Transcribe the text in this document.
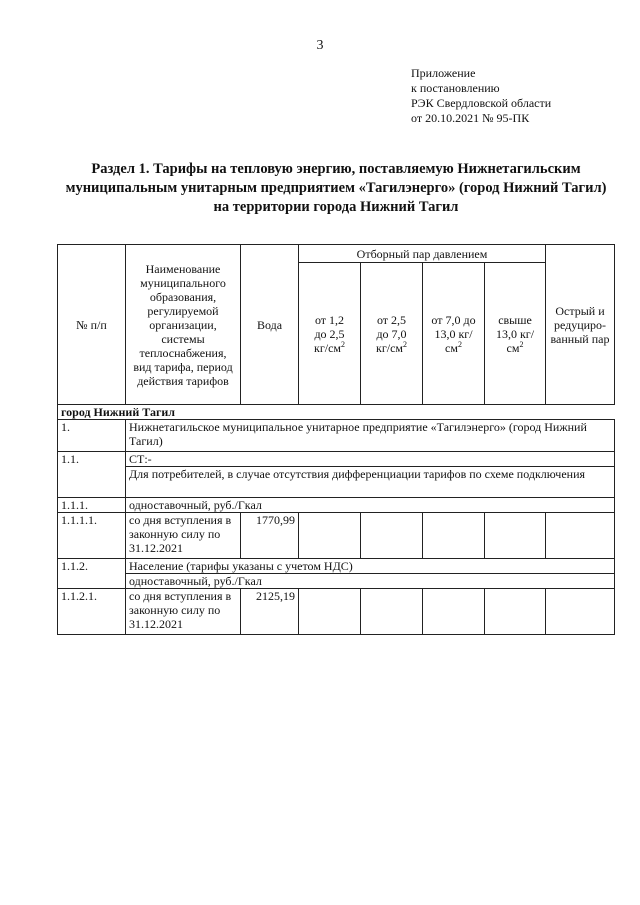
3
Приложение
к постановлению
РЭК Свердловской области
от 20.10.2021 № 95-ПК
Раздел 1. Тарифы на тепловую энергию, поставляемую Нижнетагильским муниципальным унитарным предприятием «Тагилэнерго» (город Нижний Тагил) на территории города Нижний Тагил
№ п/п	Наименование муниципального образования, регулируемой организации, системы теплоснабжения, вид тарифа, период действия тарифов	Вода	Отборный пар давлением				Острый и редуциро-ванный пар

			от 1,2 до 2,5 $кг/см^2$	от 2,5 до 7,0 $кг/см^2$	от 7,0 до 13,0 $кг/см^2$	свыше 13,0 $кг/см^2$

город Нижний Тагил							
1.	Нижнетагильское муниципальное унитарное предприятие «Тагилэнерго» (город Нижний Тагил)						
1.1.	СТ:-						
	Для потребителей, в случае отсутствия дифференциации тарифов по схеме подключения						
1.1.1.	одноставочный, руб./Гкал						
1.1.1.1.	со дня вступления в законную силу по 31.12.2021	1770,99					
1.1.2.	Население (тарифы указаны с учетом НДС)						
	одноставочный, руб./Гкал						
1.1.2.1.	со дня вступления в законную силу по 31.12.2021	2125,19					
